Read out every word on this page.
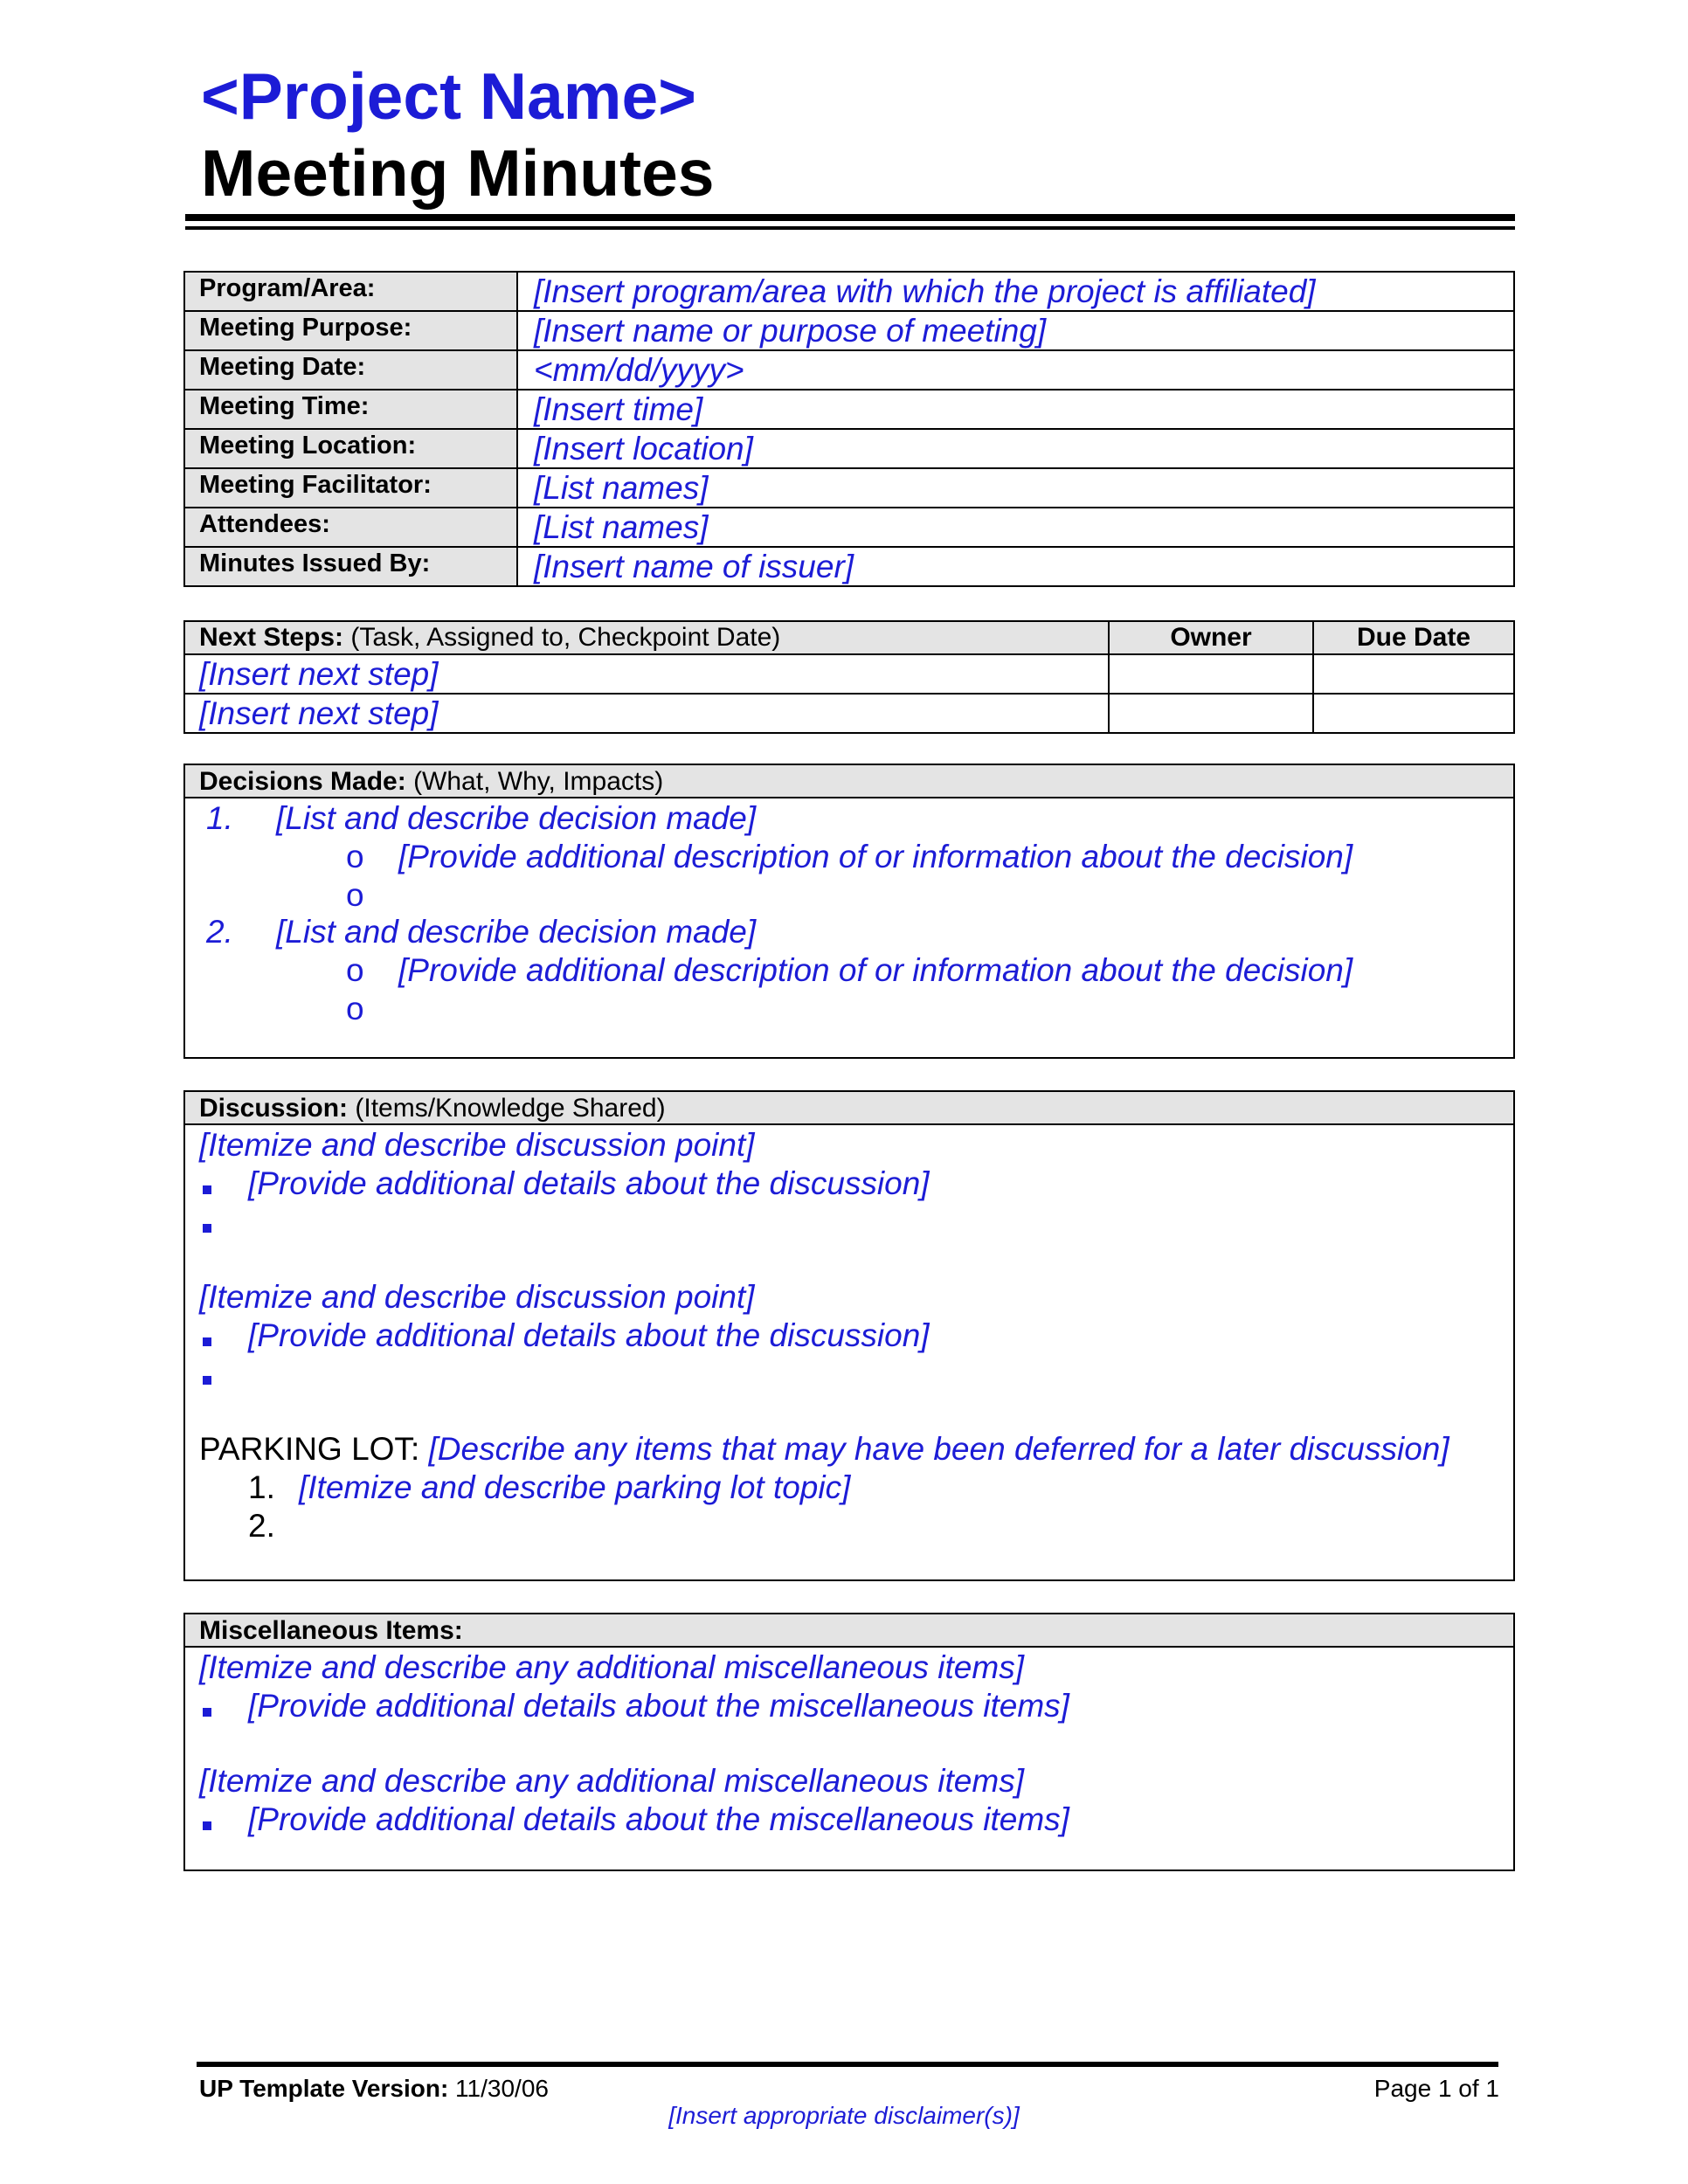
<Project Name>
Meeting Minutes
Program/Area:	[Insert program/area with which the project is affiliated]
Meeting Purpose:	[Insert name or purpose of meeting]
Meeting Date:	<mm/dd/yyyy>
Meeting Time:	[Insert time]
Meeting Location:	[Insert location]
Meeting Facilitator:	[List names]
Attendees:	[List names]
Minutes Issued By:	[Insert name of issuer]
Next Steps: (Task, Assigned to, Checkpoint Date)	Owner	Due Date
[Insert next step]		
[Insert next step]		
Decisions Made: (What, Why, Impacts)
1. [List and describe decision made]
o [Provide additional description of or information about the decision]
o
2. [List and describe decision made]
o [Provide additional description of or information about the decision]
o
Discussion: (Items/Knowledge Shared)
[Itemize and describe discussion point]
[Provide additional details about the discussion]
[Itemize and describe discussion point]
[Provide additional details about the discussion]
PARKING LOT: [Describe any items that may have been deferred for a later discussion]
1. [Itemize and describe parking lot topic]
2.
Miscellaneous Items:
[Itemize and describe any additional miscellaneous items]
[Provide additional details about the miscellaneous items]
[Itemize and describe any additional miscellaneous items]
[Provide additional details about the miscellaneous items]
UP Template Version: 11/30/06	Page 1 of 1
[Insert appropriate disclaimer(s)]
